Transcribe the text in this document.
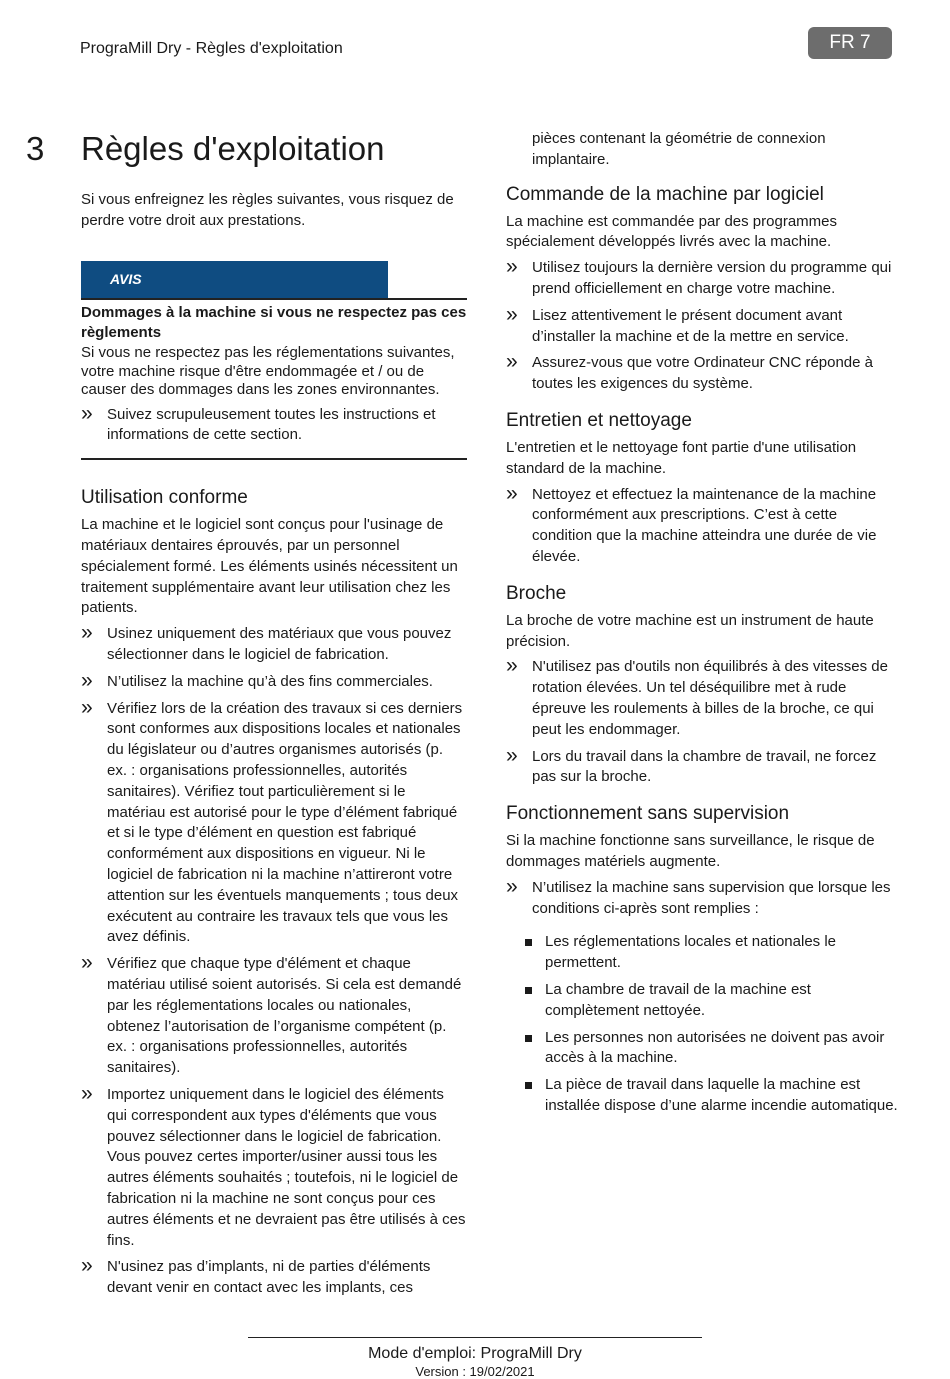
PrograMill Dry - Règles d'exploitation	FR 7
3 Règles d'exploitation

Si vous enfreignez les règles suivantes, vous risquez de perdre votre droit aux prestations.

AVIS

Dommages à la machine si vous ne respectez pas ces règlements

Si vous ne respectez pas les réglementations suivantes, votre machine risque d'être endommagée et / ou de causer des dommages dans les zones environnantes.

» Suivez scrupuleusement toutes les instructions et informations de cette section.
Utilisation conforme

La machine et le logiciel sont conçus pour l'usinage de matériaux dentaires éprouvés, par un personnel spécialement formé. Les éléments usinés nécessitent un traitement supplémentaire avant leur utilisation chez les patients.

» Usinez uniquement des matériaux que vous pouvez sélectionner dans le logiciel de fabrication.
» N’utilisez la machine qu’à des fins commerciales.
» Vérifiez lors de la création des travaux si ces derniers sont conformes aux dispositions locales et nationales du législateur ou d’autres organismes autorisés (p. ex. : organisations professionnelles, autorités sanitaires). Vérifiez tout particulièrement si le matériau est autorisé pour le type d’élément fabriqué et si le type d’élément en question est fabriqué conformément aux dispositions en vigueur. Ni le logiciel de fabrication ni la machine n’attireront votre attention sur les éventuels manquements ; tous deux exécutent au contraire les travaux tels que vous les avez définis.
» Vérifiez que chaque type d'élément et chaque matériau utilisé soient autorisés. Si cela est demandé par les réglementations locales ou nationales, obtenez l’autorisation de l’organisme compétent (p. ex. : organisations professionnelles, autorités sanitaires).
» Importez uniquement dans le logiciel des éléments qui correspondent aux types d'éléments que vous pouvez sélectionner dans le logiciel de fabrication. Vous pouvez certes importer/usiner aussi tous les autres éléments souhaités ; toutefois, ni le logiciel de fabrication ni la machine ne sont conçus pour ces autres éléments et ne devraient pas être utilisés à ces fins.
» N'usinez pas d’implants, ni de parties d'éléments devant venir en contact avec les implants, ces

pièces contenant la géométrie de connexion implantaire.

Commande de la machine par logiciel

La machine est commandée par des programmes spécialement développés livrés avec la machine.

» Utilisez toujours la dernière version du programme qui prend officiellement en charge votre machine.
» Lisez attentivement le présent document avant d’installer la machine et de la mettre en service.
» Assurez-vous que votre Ordinateur CNC réponde à toutes les exigences du système.
Entretien et nettoyage

L'entretien et le nettoyage font partie d'une utilisation standard de la machine.

» Nettoyez et effectuez la maintenance de la machine conformément aux prescriptions. C’est à cette condition que la machine atteindra une durée de vie élevée.
Broche

La broche de votre machine est un instrument de haute précision.

» N'utilisez pas d'outils non équilibrés à des vitesses de rotation élevées. Un tel déséquilibre met à rude épreuve les roulements à billes de la broche, ce qui peut les endommager.
» Lors du travail dans la chambre de travail, ne forcez pas sur la broche.
Fonctionnement sans supervision

Si la machine fonctionne sans surveillance, le risque de dommages matériels augmente.

» N’utilisez la machine sans supervision que lorsque les conditions ci-après sont remplies :
Les réglementations locales et nationales le permettent.
La chambre de travail de la machine est complètement nettoyée.
Les personnes non autorisées ne doivent pas avoir accès à la machine.
La pièce de travail dans laquelle la machine est installée dispose d’une alarme incendie automatique.
Mode d'emploi: PrograMill Dry
Version : 19/02/2021
